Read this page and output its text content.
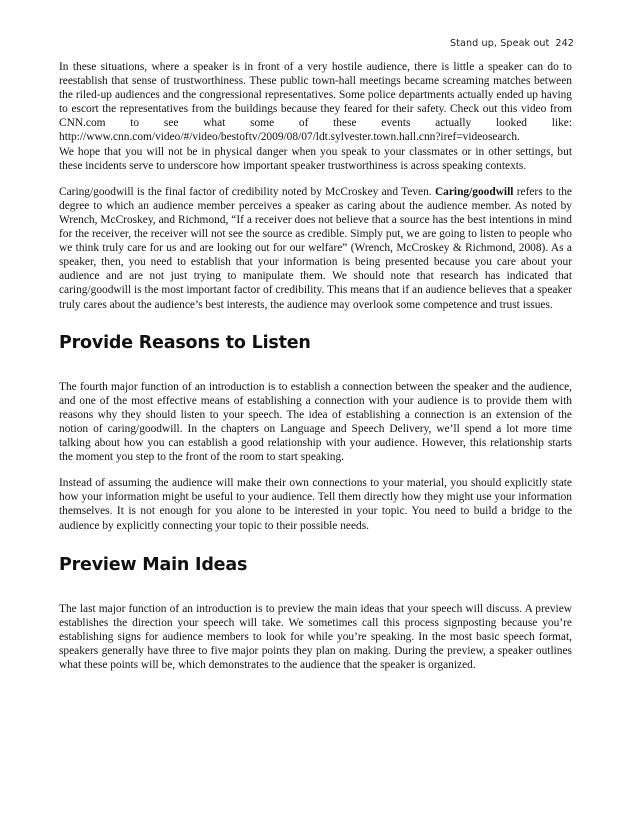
Stand up, Speak out 242

In these situations, where a speaker is in front of a very hostile audience, there is little a speaker can do to reestablish that sense of trustworthiness. These public town-hall meetings became screaming matches between the riled-up audiences and the congressional representatives. Some police departments actually ended up having to escort the representatives from the buildings because they feared for their safety. Check out this video from CNN.com to see what some of these events actually looked like: http://www.cnn.com/video/#/video/bestoftv/2009/08/07/ldt.sylvester.town.hall.cnn?iref=videosearch.
We hope that you will not be in physical danger when you speak to your classmates or in other settings, but these incidents serve to underscore how important speaker trustworthiness is across speaking contexts.

Caring/goodwill is the final factor of credibility noted by McCroskey and Teven. Caring/goodwill refers to the degree to which an audience member perceives a speaker as caring about the audience member. As noted by Wrench, McCroskey, and Richmond, “If a receiver does not believe that a source has the best intentions in mind for the receiver, the receiver will not see the source as credible. Simply put, we are going to listen to people who we think truly care for us and are looking out for our welfare” (Wrench, McCroskey & Richmond, 2008). As a speaker, then, you need to establish that your information is being presented because you care about your audience and are not just trying to manipulate them. We should note that research has indicated that caring/goodwill is the most important factor of credibility. This means that if an audience believes that a speaker truly cares about the audience’s best interests, the audience may overlook some competence and trust issues.

Provide Reasons to Listen

The fourth major function of an introduction is to establish a connection between the speaker and the audience, and one of the most effective means of establishing a connection with your audience is to provide them with reasons why they should listen to your speech. The idea of establishing a connection is an extension of the notion of caring/goodwill. In the chapters on Language and Speech Delivery, we’ll spend a lot more time talking about how you can establish a good relationship with your audience. However, this relationship starts the moment you step to the front of the room to start speaking.

Instead of assuming the audience will make their own connections to your material, you should explicitly state how your information might be useful to your audience. Tell them directly how they might use your information themselves. It is not enough for you alone to be interested in your topic. You need to build a bridge to the audience by explicitly connecting your topic to their possible needs.

Preview Main Ideas

The last major function of an introduction is to preview the main ideas that your speech will discuss. A preview establishes the direction your speech will take. We sometimes call this process signposting because you’re establishing signs for audience members to look for while you’re speaking. In the most basic speech format, speakers generally have three to five major points they plan on making. During the preview, a speaker outlines what these points will be, which demonstrates to the audience that the speaker is organized.
